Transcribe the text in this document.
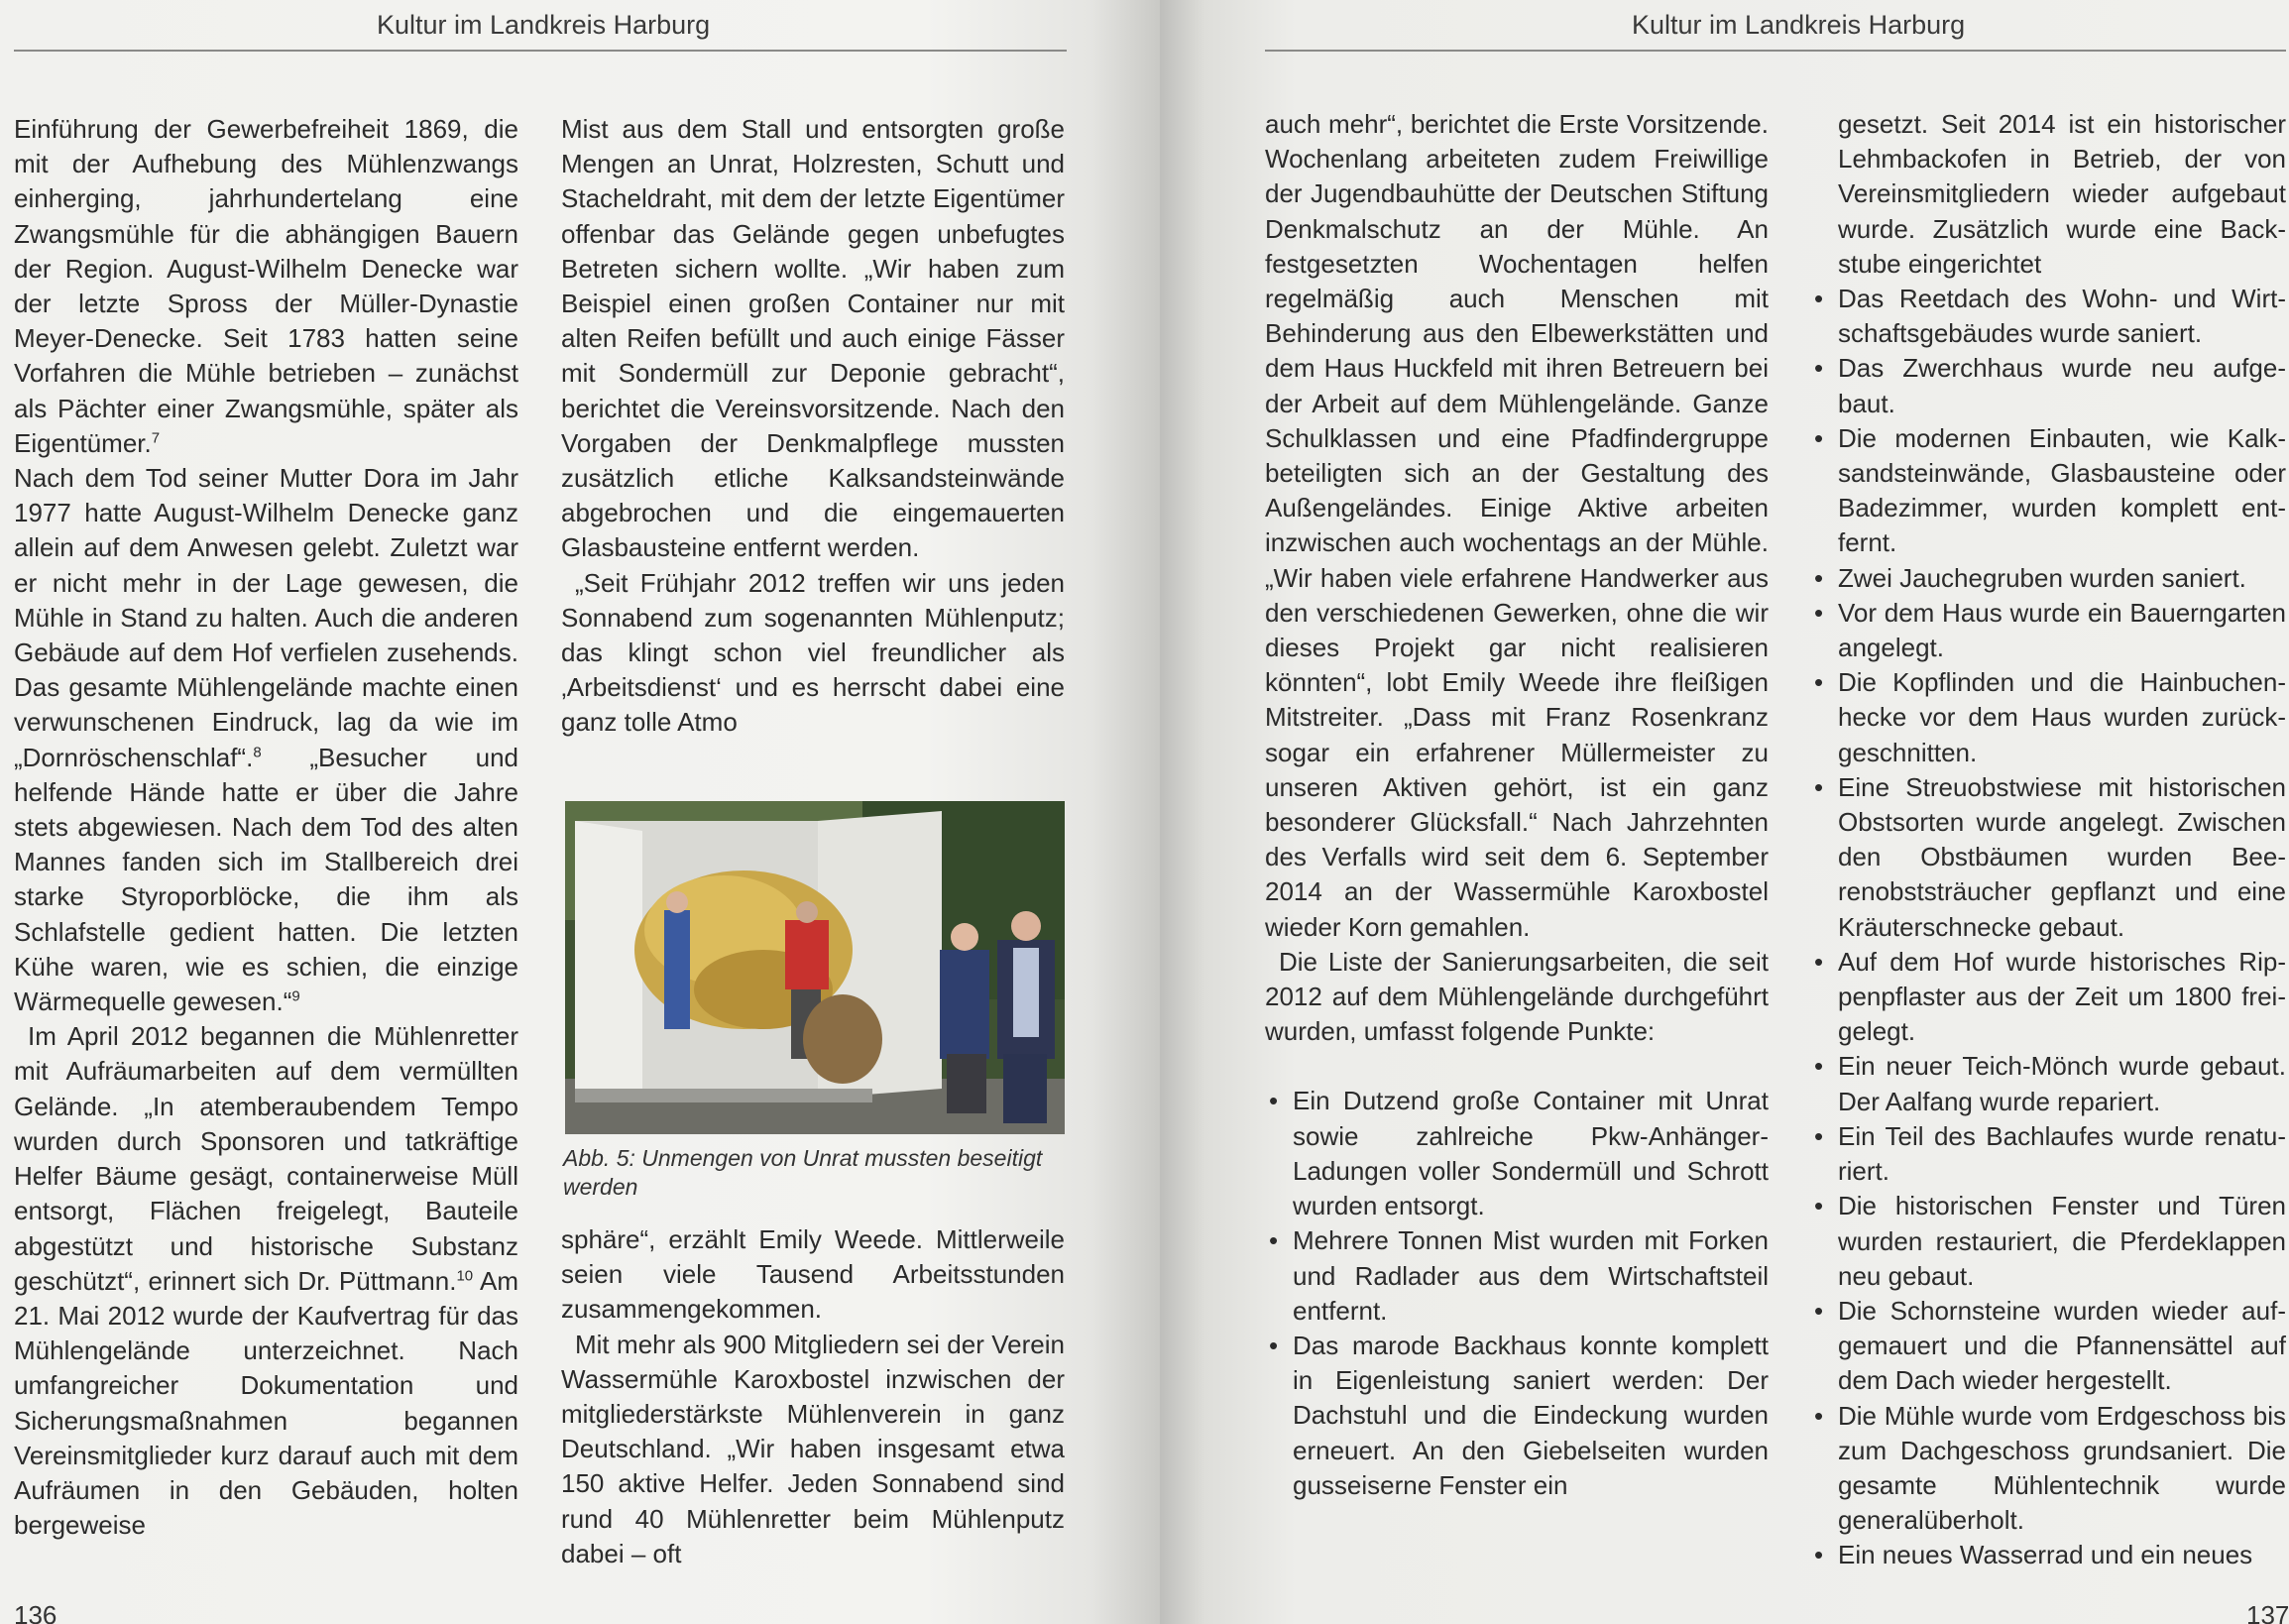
Kultur im Landkreis Harburg

Einführung der Gewerbefreiheit 1869, die mit der Aufhebung des Mühlenzwangs einherging, jahrhundertelang eine Zwangsmühle für die abhängigen Bauern der Region. August-Wilhelm Denecke war der letzte Spross der Müller-Dynastie Meyer-Denecke. Seit 1783 hatten seine Vorfahren die Mühle betrieben – zunächst als Pächter einer Zwangsmühle, später als Eigentümer.$^7$

Nach dem Tod seiner Mutter Dora im Jahr 1977 hatte August-Wilhelm Denecke ganz allein auf dem Anwesen gelebt. Zuletzt war er nicht mehr in der Lage gewesen, die Mühle in Stand zu halten. Auch die anderen Gebäude auf dem Hof verfielen zusehends. Das gesamte Mühlengelände machte einen verwunschenen Eindruck, lag da wie im „Dornröschenschlaf“.$^8$ „Besucher und helfende Hände hatte er über die Jahre stets abgewiesen. Nach dem Tod des alten Mannes fanden sich im Stallbereich drei starke Styroporblöcke, die ihm als Schlafstelle gedient hatten. Die letzten Kühe waren, wie es schien, die einzige Wärmequelle gewesen.“$^9$

Im April 2012 begannen die Mühlenretter mit Aufräumarbeiten auf dem vermüllten Gelände. „In atemberaubendem Tempo wurden durch Sponsoren und tatkräftige Helfer Bäume gesägt, containerweise Müll entsorgt, Flächen freigelegt, Bauteile abgestützt und historische Substanz geschützt“, erinnert sich Dr. Püttmann.$^{10}$ Am 21. Mai 2012 wurde der Kaufvertrag für das Mühlengelände unterzeichnet. Nach umfangreicher Dokumentation und Sicherungsmaßnahmen begannen Vereinsmitglieder kurz darauf auch mit dem Aufräumen in den Gebäuden, holten bergeweise

Mist aus dem Stall und entsorgten große Mengen an Unrat, Holzresten, Schutt und Stacheldraht, mit dem der letzte Eigentümer offenbar das Gelände gegen unbefugtes Betreten sichern wollte. „Wir haben zum Beispiel einen großen Container nur mit alten Reifen befüllt und auch einige Fässer mit Sondermüll zur Deponie gebracht“, berichtet die Vereinsvorsitzende. Nach den Vorgaben der Denkmalpflege mussten zusätzlich etliche Kalksandsteinwände abgebrochen und die eingemauerten Glasbausteine entfernt werden.

„Seit Frühjahr 2012 treffen wir uns jeden Sonnabend zum sogenannten Mühlenputz; das klingt schon viel freundlicher als ‚Arbeitsdienst‘ und es herrscht dabei eine ganz tolle Atmo

Abb. 5: Unmengen von Unrat mussten beseitigt werden

sphäre“, erzählt Emily Weede. Mittlerweile seien viele Tausend Arbeitsstunden zusammengekommen.

Mit mehr als 900 Mitgliedern sei der Verein Wassermühle Karoxbostel inzwischen der mitgliederstärkste Mühlenverein in ganz Deutschland. „Wir haben insgesamt etwa 150 aktive Helfer. Jeden Sonnabend sind rund 40 Mühlenretter beim Mühlenputz dabei – oft

136
Kultur im Landkreis Harburg

auch mehr“, berichtet die Erste Vorsitzende. Wochenlang arbeiteten zudem Freiwillige der Jugendbauhütte der Deutschen Stiftung Denkmalschutz an der Mühle. An festgesetzten Wochentagen helfen regelmäßig auch Menschen mit Behinderung aus den Elbewerkstätten und dem Haus Huckfeld mit ihren Betreuern bei der Arbeit auf dem Mühlengelände. Ganze Schulklassen und eine Pfadfindergruppe beteiligten sich an der Gestaltung des Außengeländes. Einige Aktive arbeiten inzwischen auch wochentags an der Mühle. „Wir haben viele erfahrene Handwerker aus den verschiedenen Gewerken, ohne die wir dieses Projekt gar nicht realisieren könnten“, lobt Emily Weede ihre fleißigen Mitstreiter. „Dass mit Franz Rosenkranz sogar ein erfahrener Müllermeister zu unseren Aktiven gehört, ist ein ganz besonderer Glücksfall.“ Nach Jahrzehnten des Verfalls wird seit dem 6. September 2014 an der Wassermühle Karoxbostel wieder Korn gemahlen.

Die Liste der Sanierungsarbeiten, die seit 2012 auf dem Mühlengelände durchgeführt wurden, umfasst folgende Punkte:

• Ein Dutzend große Container mit Unrat sowie zahlreiche Pkw-Anhänger-Ladungen voller Sondermüll und Schrott wurden entsorgt.
• Mehrere Tonnen Mist wurden mit Forken und Radlader aus dem Wirtschaftsteil entfernt.
• Das marode Backhaus konnte komplett in Eigenleistung saniert werden: Der Dachstuhl und die Eindeckung wurden erneuert. An den Giebelseiten wurden gusseiserne Fenster ein

gesetzt. Seit 2014 ist ein historischer Lehmbackofen in Betrieb, der von Vereinsmitgliedern wieder aufgebaut wurde. Zusätzlich wurde eine Backstube eingerichtet

• Das Reetdach des Wohn- und Wirtschaftsgebäudes wurde saniert.
• Das Zwerchhaus wurde neu aufgebaut.
• Die modernen Einbauten, wie Kalksandsteinwände, Glasbausteine oder Badezimmer, wurden komplett entfernt.
• Zwei Jauchegruben wurden saniert.
• Vor dem Haus wurde ein Bauerngarten angelegt.
• Die Kopflinden und die Hainbuchenhecke vor dem Haus wurden zurückgeschnitten.
• Eine Streuobstwiese mit historischen Obstsorten wurde angelegt. Zwischen den Obstbäumen wurden Beerenobststräucher gepflanzt und eine Kräuterschnecke gebaut.
• Auf dem Hof wurde historisches Rippenpflaster aus der Zeit um 1800 freigelegt.
• Ein neuer Teich-Mönch wurde gebaut. Der Aalfang wurde repariert.
• Ein Teil des Bachlaufes wurde renaturiert.
• Die historischen Fenster und Türen wurden restauriert, die Pferdeklappen neu gebaut.
• Die Schornsteine wurden wieder aufgemauert und die Pfannensättel auf dem Dach wieder hergestellt.
• Die Mühle wurde vom Erdgeschoss bis zum Dachgeschoss grundsaniert. Die gesamte Mühlentechnik wurde generalüberholt.
• Ein neues Wasserrad und ein neues
137
